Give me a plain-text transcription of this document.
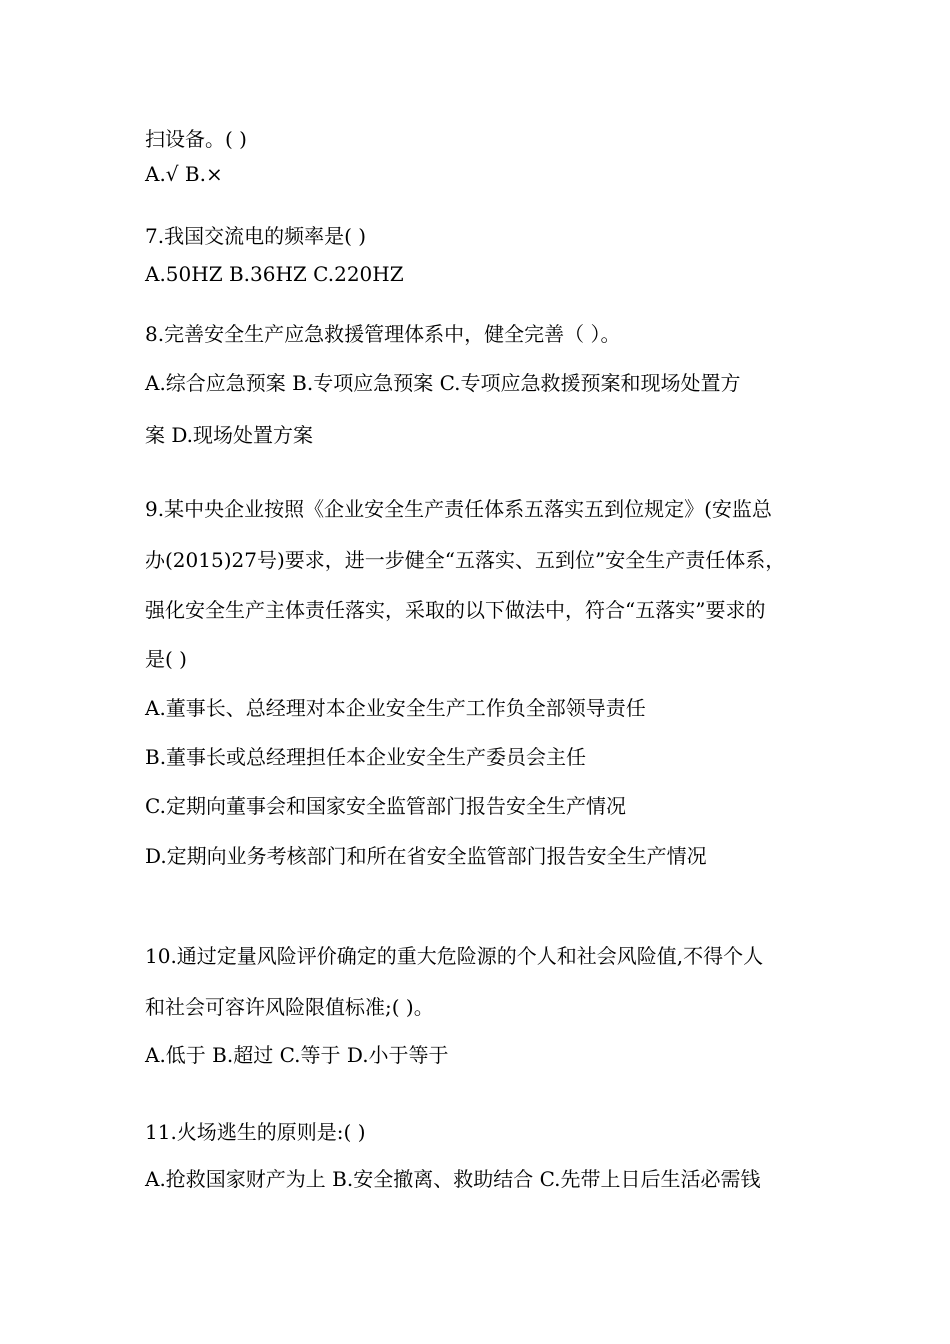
扫设备。( )

A.√ B.×

7.我国交流电的频率是( )

A.50HZ B.36HZ C.220HZ

8.完善安全生产应急救援管理体系中，健全完善（ ）。

A.综合应急预案 B.专项应急预案 C.专项应急救援预案和现场处置方

案 D.现场处置方案

9.某中央企业按照《企业安全生产责任体系五落实五到位规定》(安监总

办(2015)27号)要求，进一步健全“五落实、五到位”安全生产责任体系，

强化安全生产主体责任落实，采取的以下做法中，符合“五落实”要求的

是( )

A.董事长、总经理对本企业安全生产工作负全部领导责任

B.董事长或总经理担任本企业安全生产委员会主任

C.定期向董事会和国家安全监管部门报告安全生产情况

D.定期向业务考核部门和所在省安全监管部门报告安全生产情况

10.通过定量风险评价确定的重大危险源的个人和社会风险值,不得个人

和社会可容许风险限值标准;( )。

A.低于 B.超过 C.等于 D.小于等于

11.火场逃生的原则是:( )

A.抢救国家财产为上 B.安全撤离、救助结合 C.先带上日后生活必需钱
